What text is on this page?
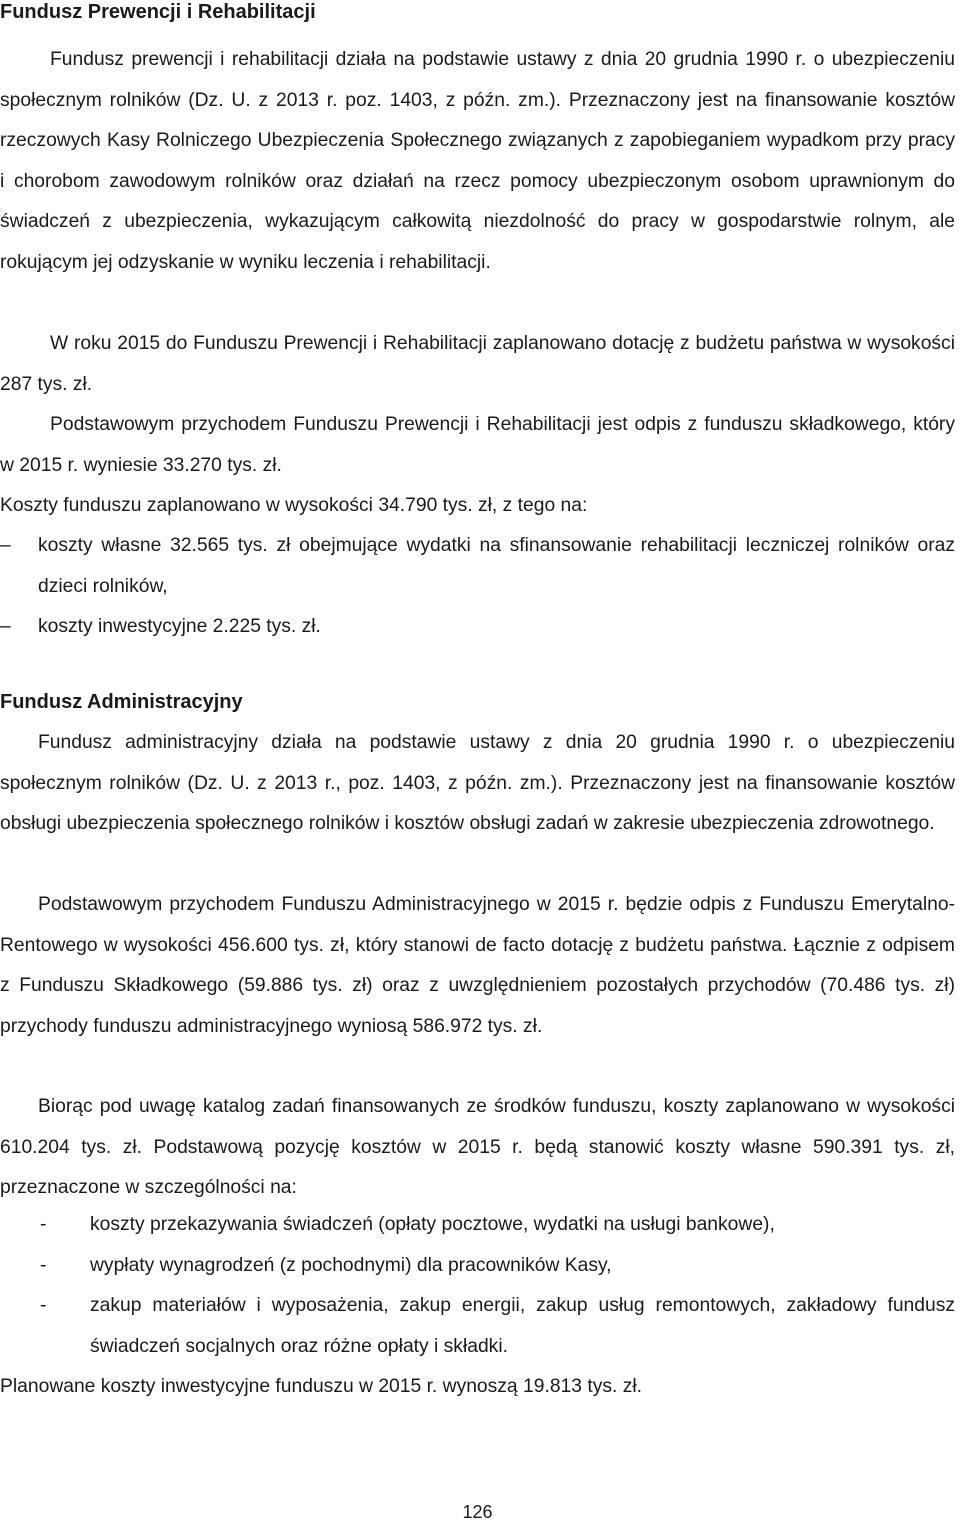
Fundusz Prewencji i Rehabilitacji

Fundusz prewencji i rehabilitacji działa na podstawie ustawy z dnia 20 grudnia 1990 r. o ubezpieczeniu społecznym rolników (Dz. U. z 2013 r. poz. 1403, z późn. zm.). Przeznaczony jest na finansowanie kosztów rzeczowych Kasy Rolniczego Ubezpieczenia Społecznego związanych z zapobieganiem wypadkom przy pracy i chorobom zawodowym rolników oraz działań na rzecz pomocy ubezpieczonym osobom uprawnionym do świadczeń z ubezpieczenia, wykazującym całkowitą niezdolność do pracy w gospodarstwie rolnym, ale rokującym jej odzyskanie w wyniku leczenia i rehabilitacji.

W roku 2015 do Funduszu Prewencji i Rehabilitacji zaplanowano dotację z budżetu państwa w wysokości 287 tys. zł.

Podstawowym przychodem Funduszu Prewencji i Rehabilitacji jest odpis z funduszu składkowego, który w 2015 r. wyniesie 33.270 tys. zł.

Koszty funduszu zaplanowano w wysokości 34.790 tys. zł, z tego na:

– koszty własne 32.565 tys. zł obejmujące wydatki na sfinansowanie rehabilitacji leczniczej rolników oraz dzieci rolników,
– koszty inwestycyjne 2.225 tys. zł.
Fundusz Administracyjny

Fundusz administracyjny działa na podstawie ustawy z dnia 20 grudnia 1990 r. o ubezpieczeniu społecznym rolników (Dz. U. z 2013 r., poz. 1403, z późn. zm.). Przeznaczony jest na finansowanie kosztów obsługi ubezpieczenia społecznego rolników i kosztów obsługi zadań w zakresie ubezpieczenia zdrowotnego.

Podstawowym przychodem Funduszu Administracyjnego w 2015 r. będzie odpis z Funduszu Emerytalno-Rentowego w wysokości 456.600 tys. zł, który stanowi de facto dotację z budżetu państwa. Łącznie z odpisem z Funduszu Składkowego (59.886 tys. zł) oraz z uwzględnieniem pozostałych przychodów (70.486 tys. zł) przychody funduszu administracyjnego wyniosą 586.972 tys. zł.

Biorąc pod uwagę katalog zadań finansowanych ze środków funduszu, koszty zaplanowano w wysokości 610.204 tys. zł. Podstawową pozycję kosztów w 2015 r. będą stanowić koszty własne 590.391 tys. zł, przeznaczone w szczególności na:

- koszty przekazywania świadczeń (opłaty pocztowe, wydatki na usługi bankowe),
- wypłaty wynagrodzeń (z pochodnymi) dla pracowników Kasy,
- zakup materiałów i wyposażenia, zakup energii, zakup usług remontowych, zakładowy fundusz świadczeń socjalnych oraz różne opłaty i składki.

Planowane koszty inwestycyjne funduszu w 2015 r. wynoszą 19.813 tys. zł.

126
